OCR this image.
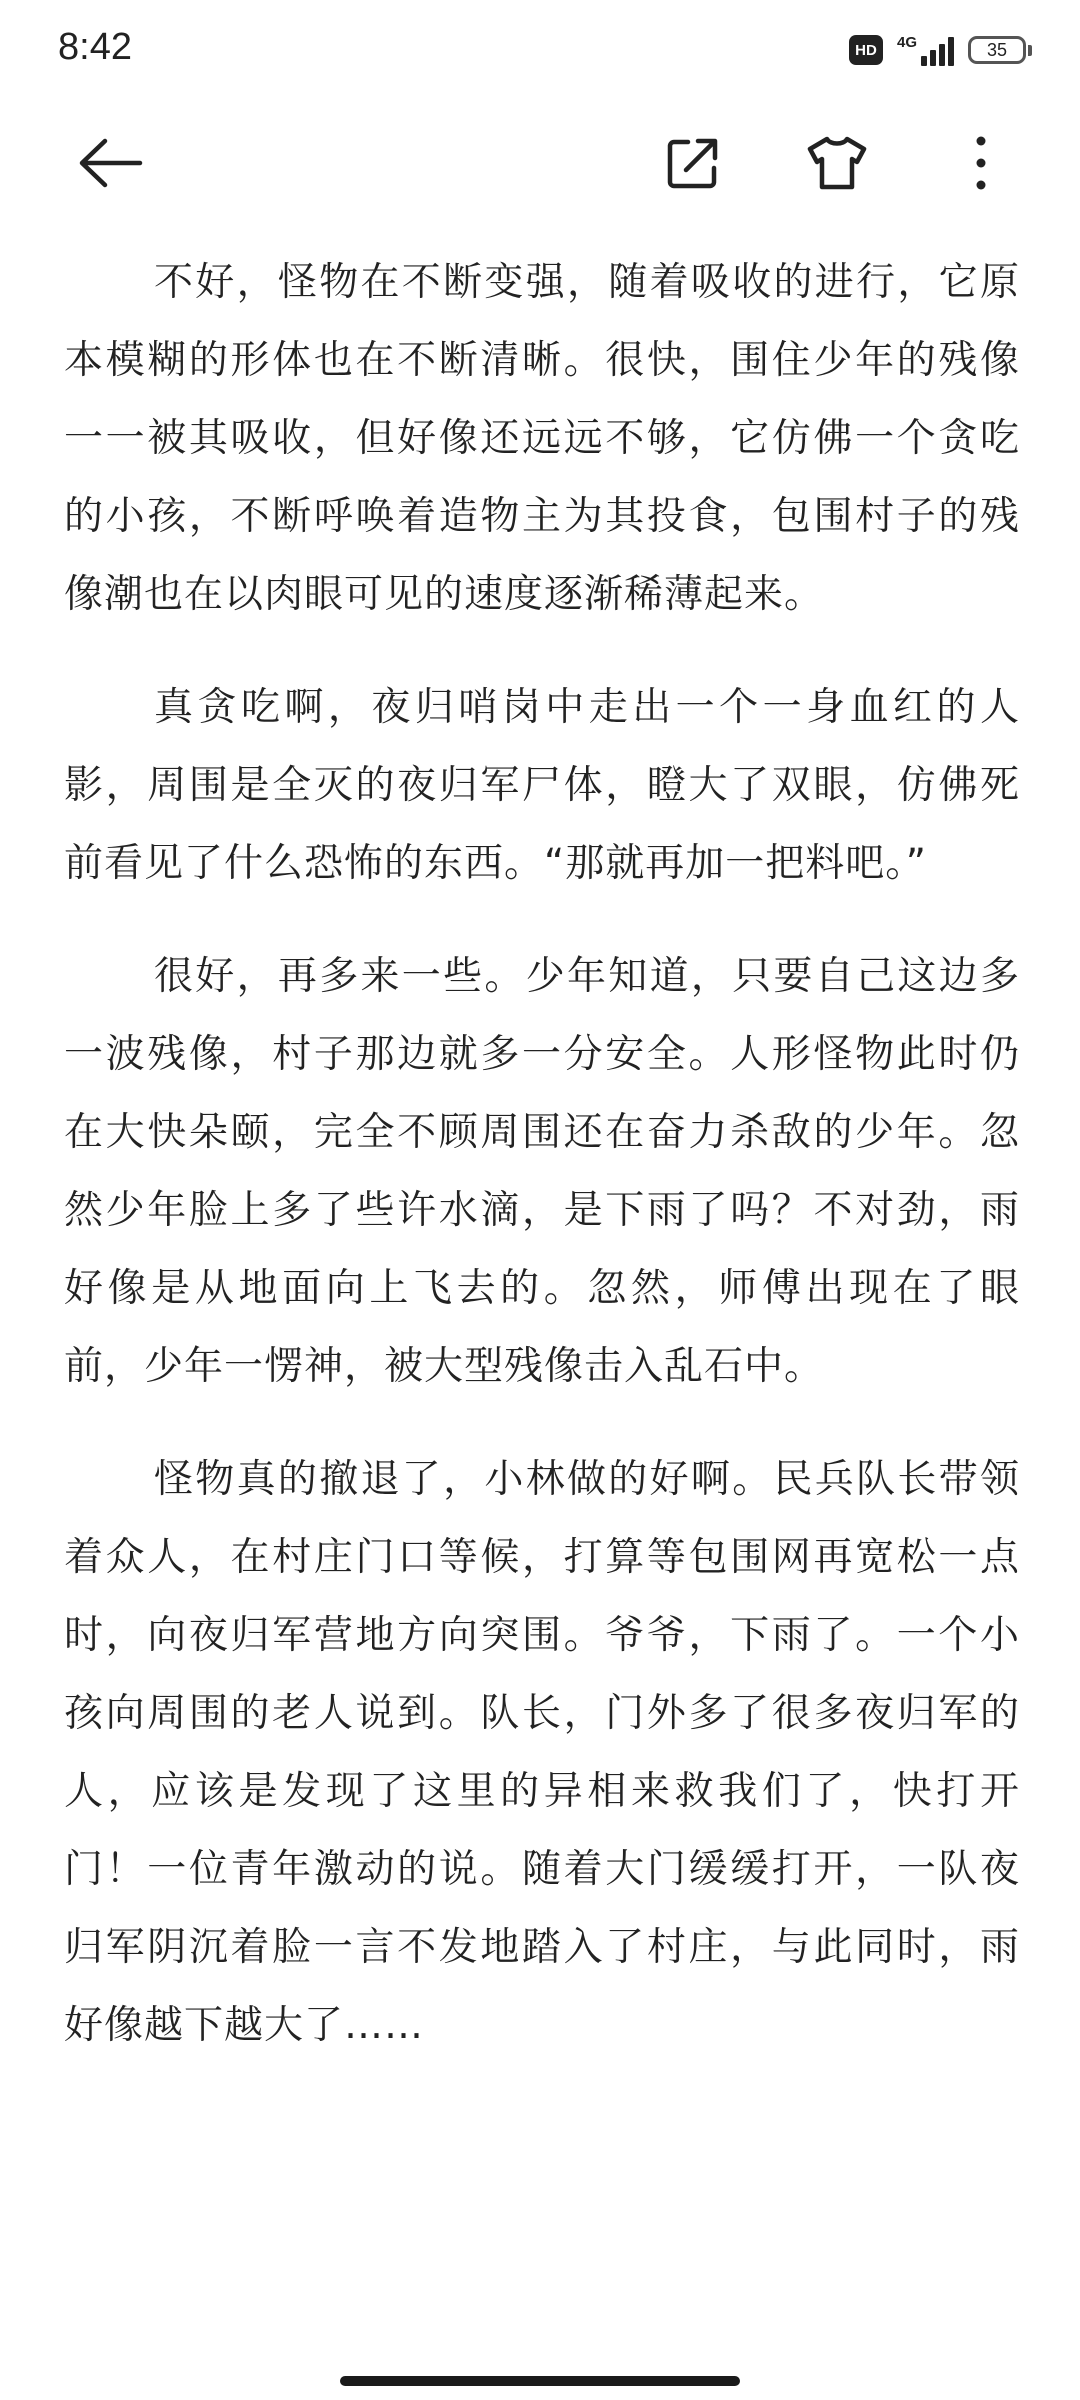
8:42	HD	4G	35

不好，怪物在不断变强，随着吸收的进行，它原本模糊的形体也在不断清晰。很快，围住少年的残像一一被其吸收，但好像还远远不够，它仿佛一个贪吃的小孩，不断呼唤着造物主为其投食，包围村子的残像潮也在以肉眼可见的速度逐渐稀薄起来。

真贪吃啊，夜归哨岗中走出一个一身血红的人影，周围是全灭的夜归军尸体，瞪大了双眼，仿佛死前看见了什么恐怖的东西。“那就再加一把料吧。”

很好，再多来一些。少年知道，只要自己这边多一波残像，村子那边就多一分安全。人形怪物此时仍在大快朵颐，完全不顾周围还在奋力杀敌的少年。忽然少年脸上多了些许水滴，是下雨了吗？不对劲，雨好像是从地面向上飞去的。忽然，师傅出现在了眼前，少年一愣神，被大型残像击入乱石中。

怪物真的撤退了，小林做的好啊。民兵队长带领着众人，在村庄门口等候，打算等包围网再宽松一点时，向夜归军营地方向突围。爷爷，下雨了。一个小孩向周围的老人说到。队长，门外多了很多夜归军的人，应该是发现了这里的异相来救我们了，快打开门！一位青年激动的说。随着大门缓缓打开，一队夜归军阴沉着脸一言不发地踏入了村庄，与此同时，雨好像越下越大了……
